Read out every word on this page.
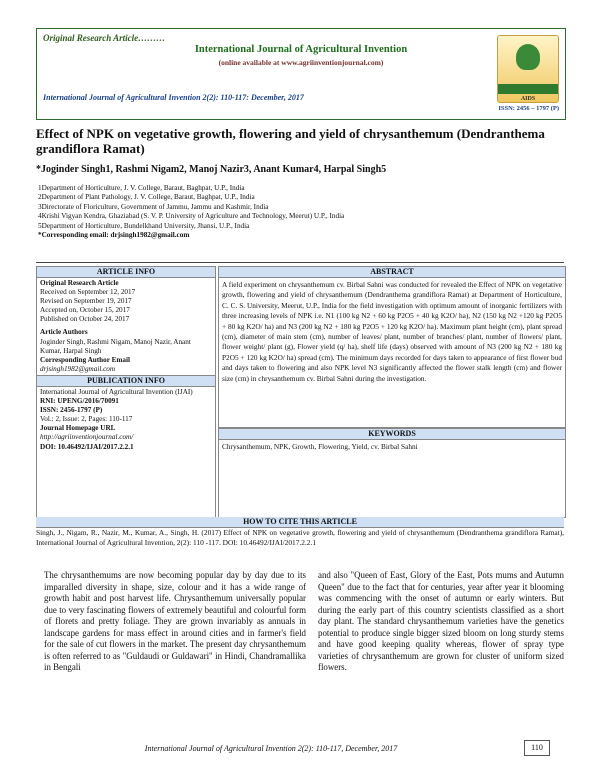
Original Research Article………
International Journal of Agricultural Invention
(online available at www.agriinventionjournal.com)
International Journal of Agricultural Invention 2(2): 110-117: December, 2017
ISSN: 2456 – 1797 (P)
AIDS
Effect of NPK on vegetative growth, flowering and yield of chrysanthemum (Dendranthema grandiflora Ramat)
*Joginder Singh1, Rashmi Nigam2, Manoj Nazir3, Anant Kumar4, Harpal Singh5
1Department of Horticulture, J. V. College, Baraut, Baghpat, U.P., India
2Department of Plant Pathology, J. V. College, Baraut, Baghpat, U.P., India
3Directorate of Floriculture, Government of Jammu, Jammu and Kashmir, India
4Krishi Vigyan Kendra, Ghaziabad (S. V. P. University of Agriculture and Technology, Meerut) U.P., India
5Department of Horticulture, Bundelkhand University, Jhansi, U.P., India
*Corresponding email: drjsingh1982@gmail.com
ARTICLE INFO
Original Research Article
Received on September 12, 2017
Revised on September 19, 2017
Accepted on, October 15, 2017
Published on October 24, 2017
Article Authors
Joginder Singh, Rashmi Nigam, Manoj Nazir, Anant Kumar, Harpal Singh
Corresponding Author Email
drjsingh1982@gmail.com
PUBLICATION INFO
International Journal of Agricultural Invention (IJAI)
RNI: UPENG/2016/70091
ISSN: 2456-1797 (P)
Vol.: 2, Issue: 2, Pages: 110-117
Journal Homepage URL
http://agriinventionjournal.com/
DOI: 10.46492/IJAI/2017.2.2.1
ABSTRACT
A field experiment on chrysanthemum cv. Birbal Sahni was conducted for revealed the Effect of NPK on vegetative growth, flowering and yield of chrysanthemum (Dendranthema grandiflora Ramat) at Department of Horticulture, C. C. S. University, Meerut, U.P., India for the field investigation with optimum amount of inorganic fertilizers with three increasing levels of NPK i.e. N1 (100 kg N2 + 60 kg P2O5 + 40 kg K2O/ ha), N2 (150 kg N2 +120 kg P2O5 + 80 kg K2O/ ha) and N3 (200 kg N2 + 180 kg P2O5 + 120 kg K2O/ ha). Maximum plant height (cm), plant spread (cm), diameter of main stem (cm), number of leaves/ plant, number of branches/ plant, number of flowers/ plant, flower weight/ plant (g), Flower yield (q/ ha), shelf life (days) observed with amount of N3 (200 kg N2 + 180 kg P2O5 + 120 kg K2O/ ha) spread (cm). The minimum days recorded for days taken to appearance of first flower bud and days taken to flowering and also NPK level N3 significantly affected the flower stalk length (cm) and flower size (cm) in chrysanthemum cv. Birbal Sahni during the investigation.
KEYWORDS
Chrysanthemum, NPK, Growth, Flowering, Yield, cv. Birbal Sahni
HOW TO CITE THIS ARTICLE
Singh, J., Nigam, R., Nazir, M., Kumar, A., Singh, H. (2017) Effect of NPK on vegetative growth, flowering and yield of chrysanthemum (Dendranthema grandiflora Ramat), International Journal of Agricultural Invention, 2(2): 110 -117. DOI: 10.46492/IJAI/2017.2.2.1
The chrysanthemums are now becoming popular day by day due to its imparalled diversity in shape, size, colour and it has a wide range of growth habit and post harvest life. Chrysanthemum universally popular due to very fascinating flowers of extremely beautiful and colourful form of florets and pretty foliage. They are grown invariably as annuals in landscape gardens for mass effect in around cities and in farmer's field for the sale of cut flowers in the market. The present day chrysanthemum is often referred to as "Guldaudi or Guldawari" in Hindi, Chandramallika in Bengali
and also "Queen of East, Glory of the East, Pots mums and Autumn Queen" due to the fact that for centuries, year after year it blooming was commencing with the onset of autumn or early winters. But during the early part of this country scientists classified as a short day plant. The standard chrysanthemum varieties have the genetics potential to produce single bigger sized bloom on long sturdy stems and have good keeping quality whereas, flower of spray type varieties of chrysanthemum are grown for cluster of uniform sized flowers.
International Journal of Agricultural Invention 2(2): 110-117, December, 2017	110
